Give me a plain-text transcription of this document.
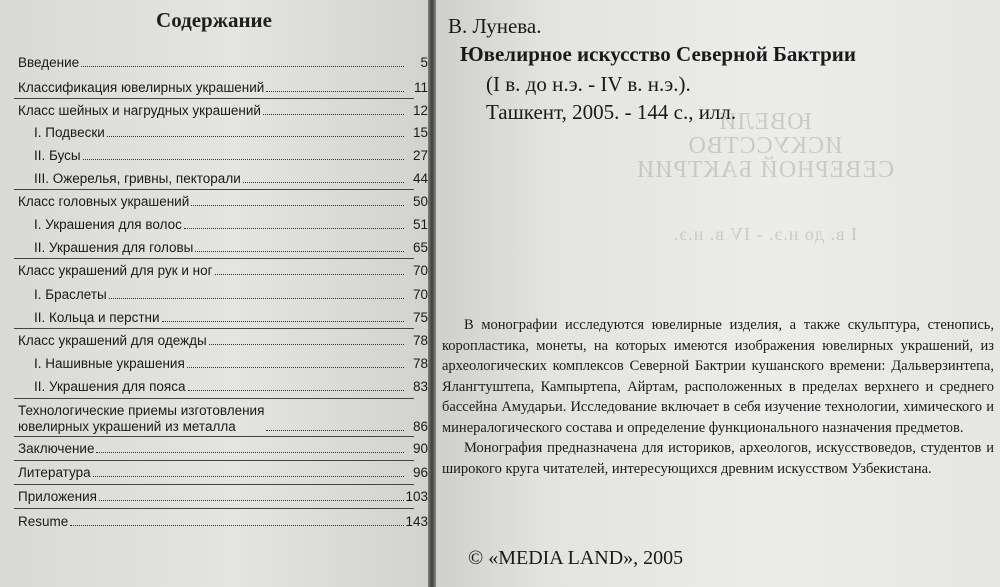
Содержание
Введение	5
Классификация ювелирных украшений	11
Класс шейных и нагрудных украшений	12
I. Подвески	15
II. Бусы	27
III. Ожерелья, гривны, пекторали	44
Класс головных украшений	50
I. Украшения для волос	51
II. Украшения для головы	65
Класс украшений для рук и ног	70
I. Браслеты	70
II. Кольца и перстни	75
Класс украшений для одежды	78
I. Нашивные украшения	78
II. Украшения для пояса	83
Технологические приемы изготовления
ювелирных украшений из металла	86
Заключение	90
Литература	96
Приложения	103
Resume	143
В. Лунева.
Ювелирное искусство Северной Бактрии
(I в. до н.э. - IV в. н.э.).
Ташкент, 2005. - 144 с., илл.

В монографии исследуются ювелирные изделия, а также скульптура, стенопись, коропластика, монеты, на которых имеются изображения ювелирных украшений, из археологических комплексов Северной Бактрии кушанского времени: Дальверзинтепа, Ялангтуштепа, Кампыртепа, Айртам, расположенных в пределах верхнего и среднего бассейна Амударьи. Исследование включает в себя изучение технологии, химического и минералогического состава и определение функционального назначения предметов.

Монография предназначена для историков, археологов, искусствоведов, студентов и широкого круга читателей, интересующихся древним искусством Узбекистана.

© «MEDIA LAND», 2005
